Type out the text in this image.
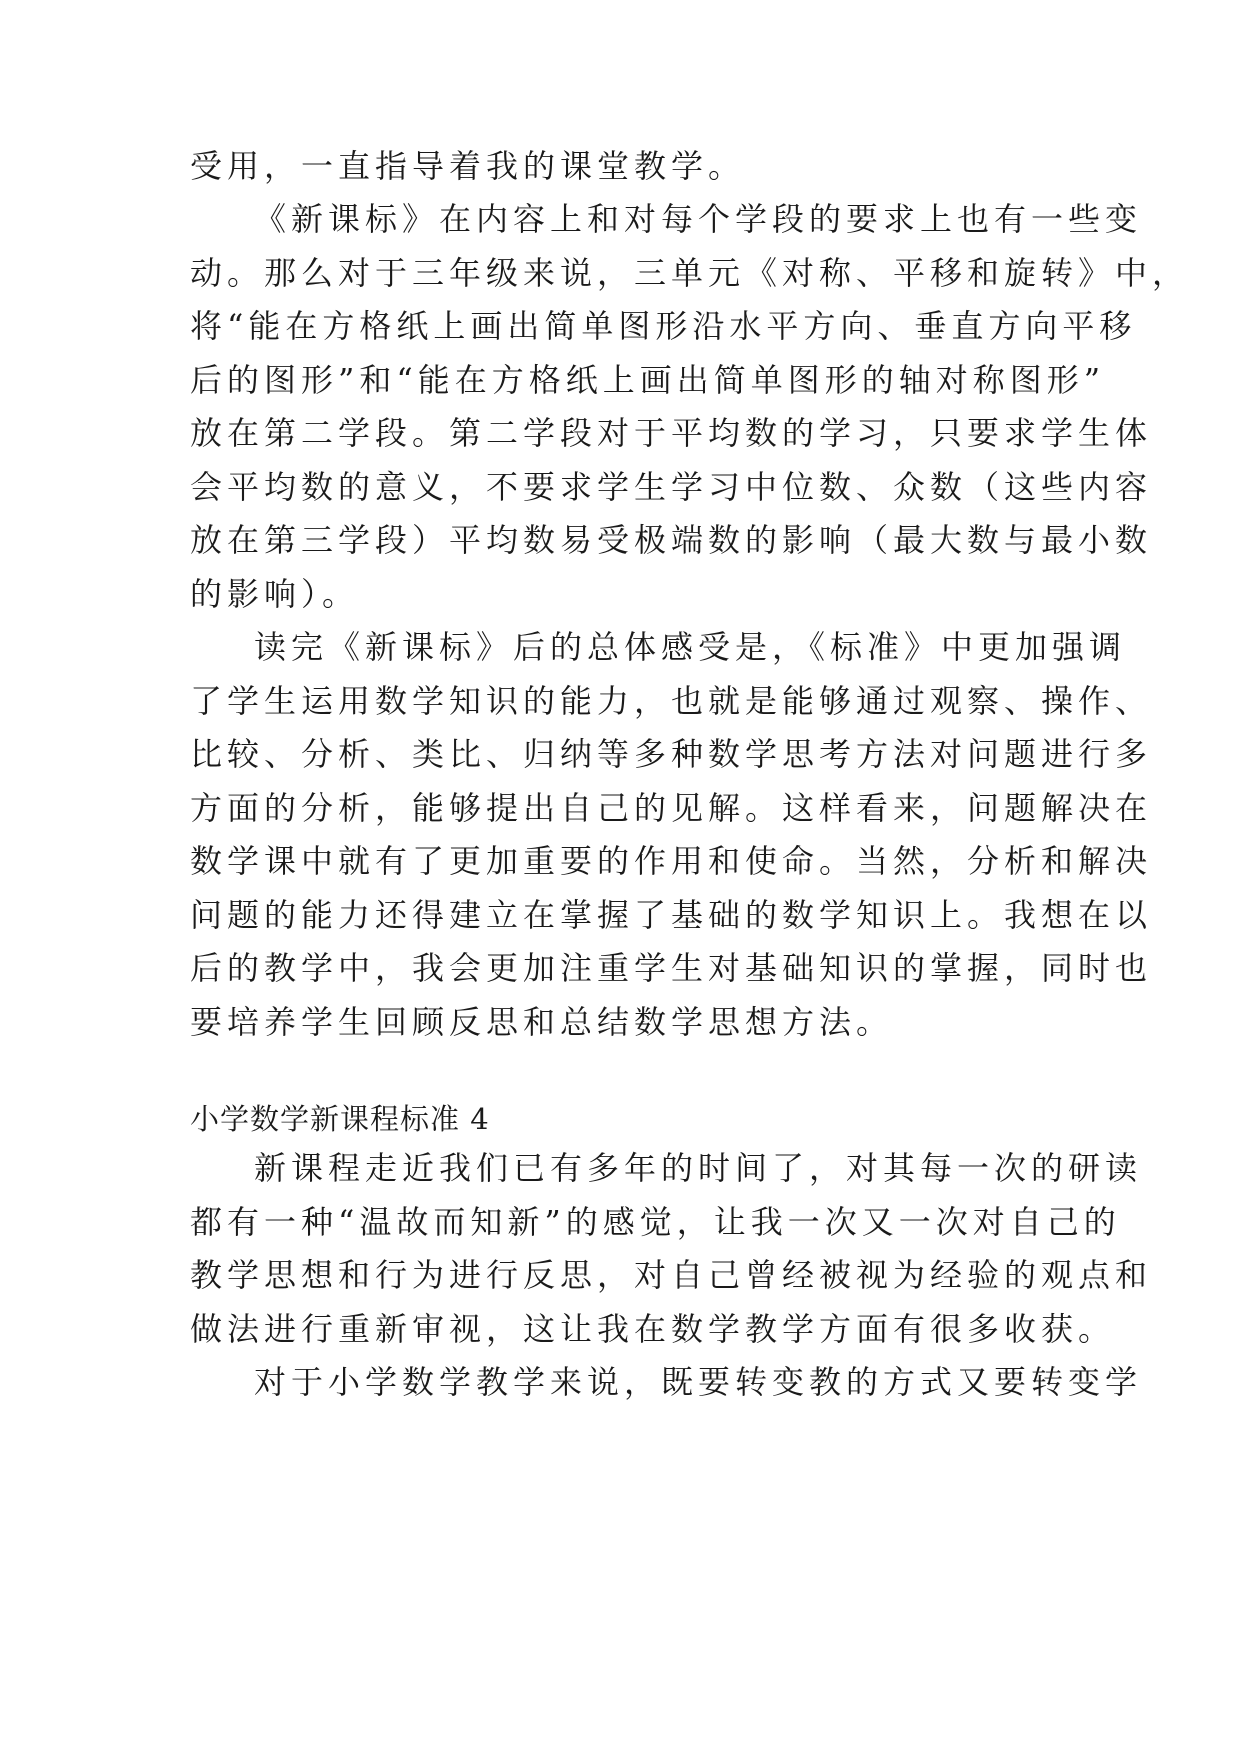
受用，一直指导着我的课堂教学。
《新课标》在内容上和对每个学段的要求上也有一些变
动。那么对于三年级来说，三单元《对称、平移和旋转》中，
将“能在方格纸上画出简单图形沿水平方向、垂直方向平移
后的图形”和“能在方格纸上画出简单图形的轴对称图形”
放在第二学段。第二学段对于平均数的学习，只要求学生体
会平均数的意义，不要求学生学习中位数、众数（这些内容
放在第三学段）平均数易受极端数的影响（最大数与最小数
的影响）。
读完《新课标》后的总体感受是，《标准》中更加强调
了学生运用数学知识的能力，也就是能够通过观察、操作、
比较、分析、类比、归纳等多种数学思考方法对问题进行多
方面的分析，能够提出自己的见解。这样看来，问题解决在
数学课中就有了更加重要的作用和使命。当然，分析和解决
问题的能力还得建立在掌握了基础的数学知识上。我想在以
后的教学中，我会更加注重学生对基础知识的掌握，同时也
要培养学生回顾反思和总结数学思想方法。
小学数学新课程标准 4
新课程走近我们已有多年的时间了，对其每一次的研读
都有一种“温故而知新”的感觉，让我一次又一次对自己的
教学思想和行为进行反思，对自己曾经被视为经验的观点和
做法进行重新审视，这让我在数学教学方面有很多收获。
对于小学数学教学来说，既要转变教的方式又要转变学
